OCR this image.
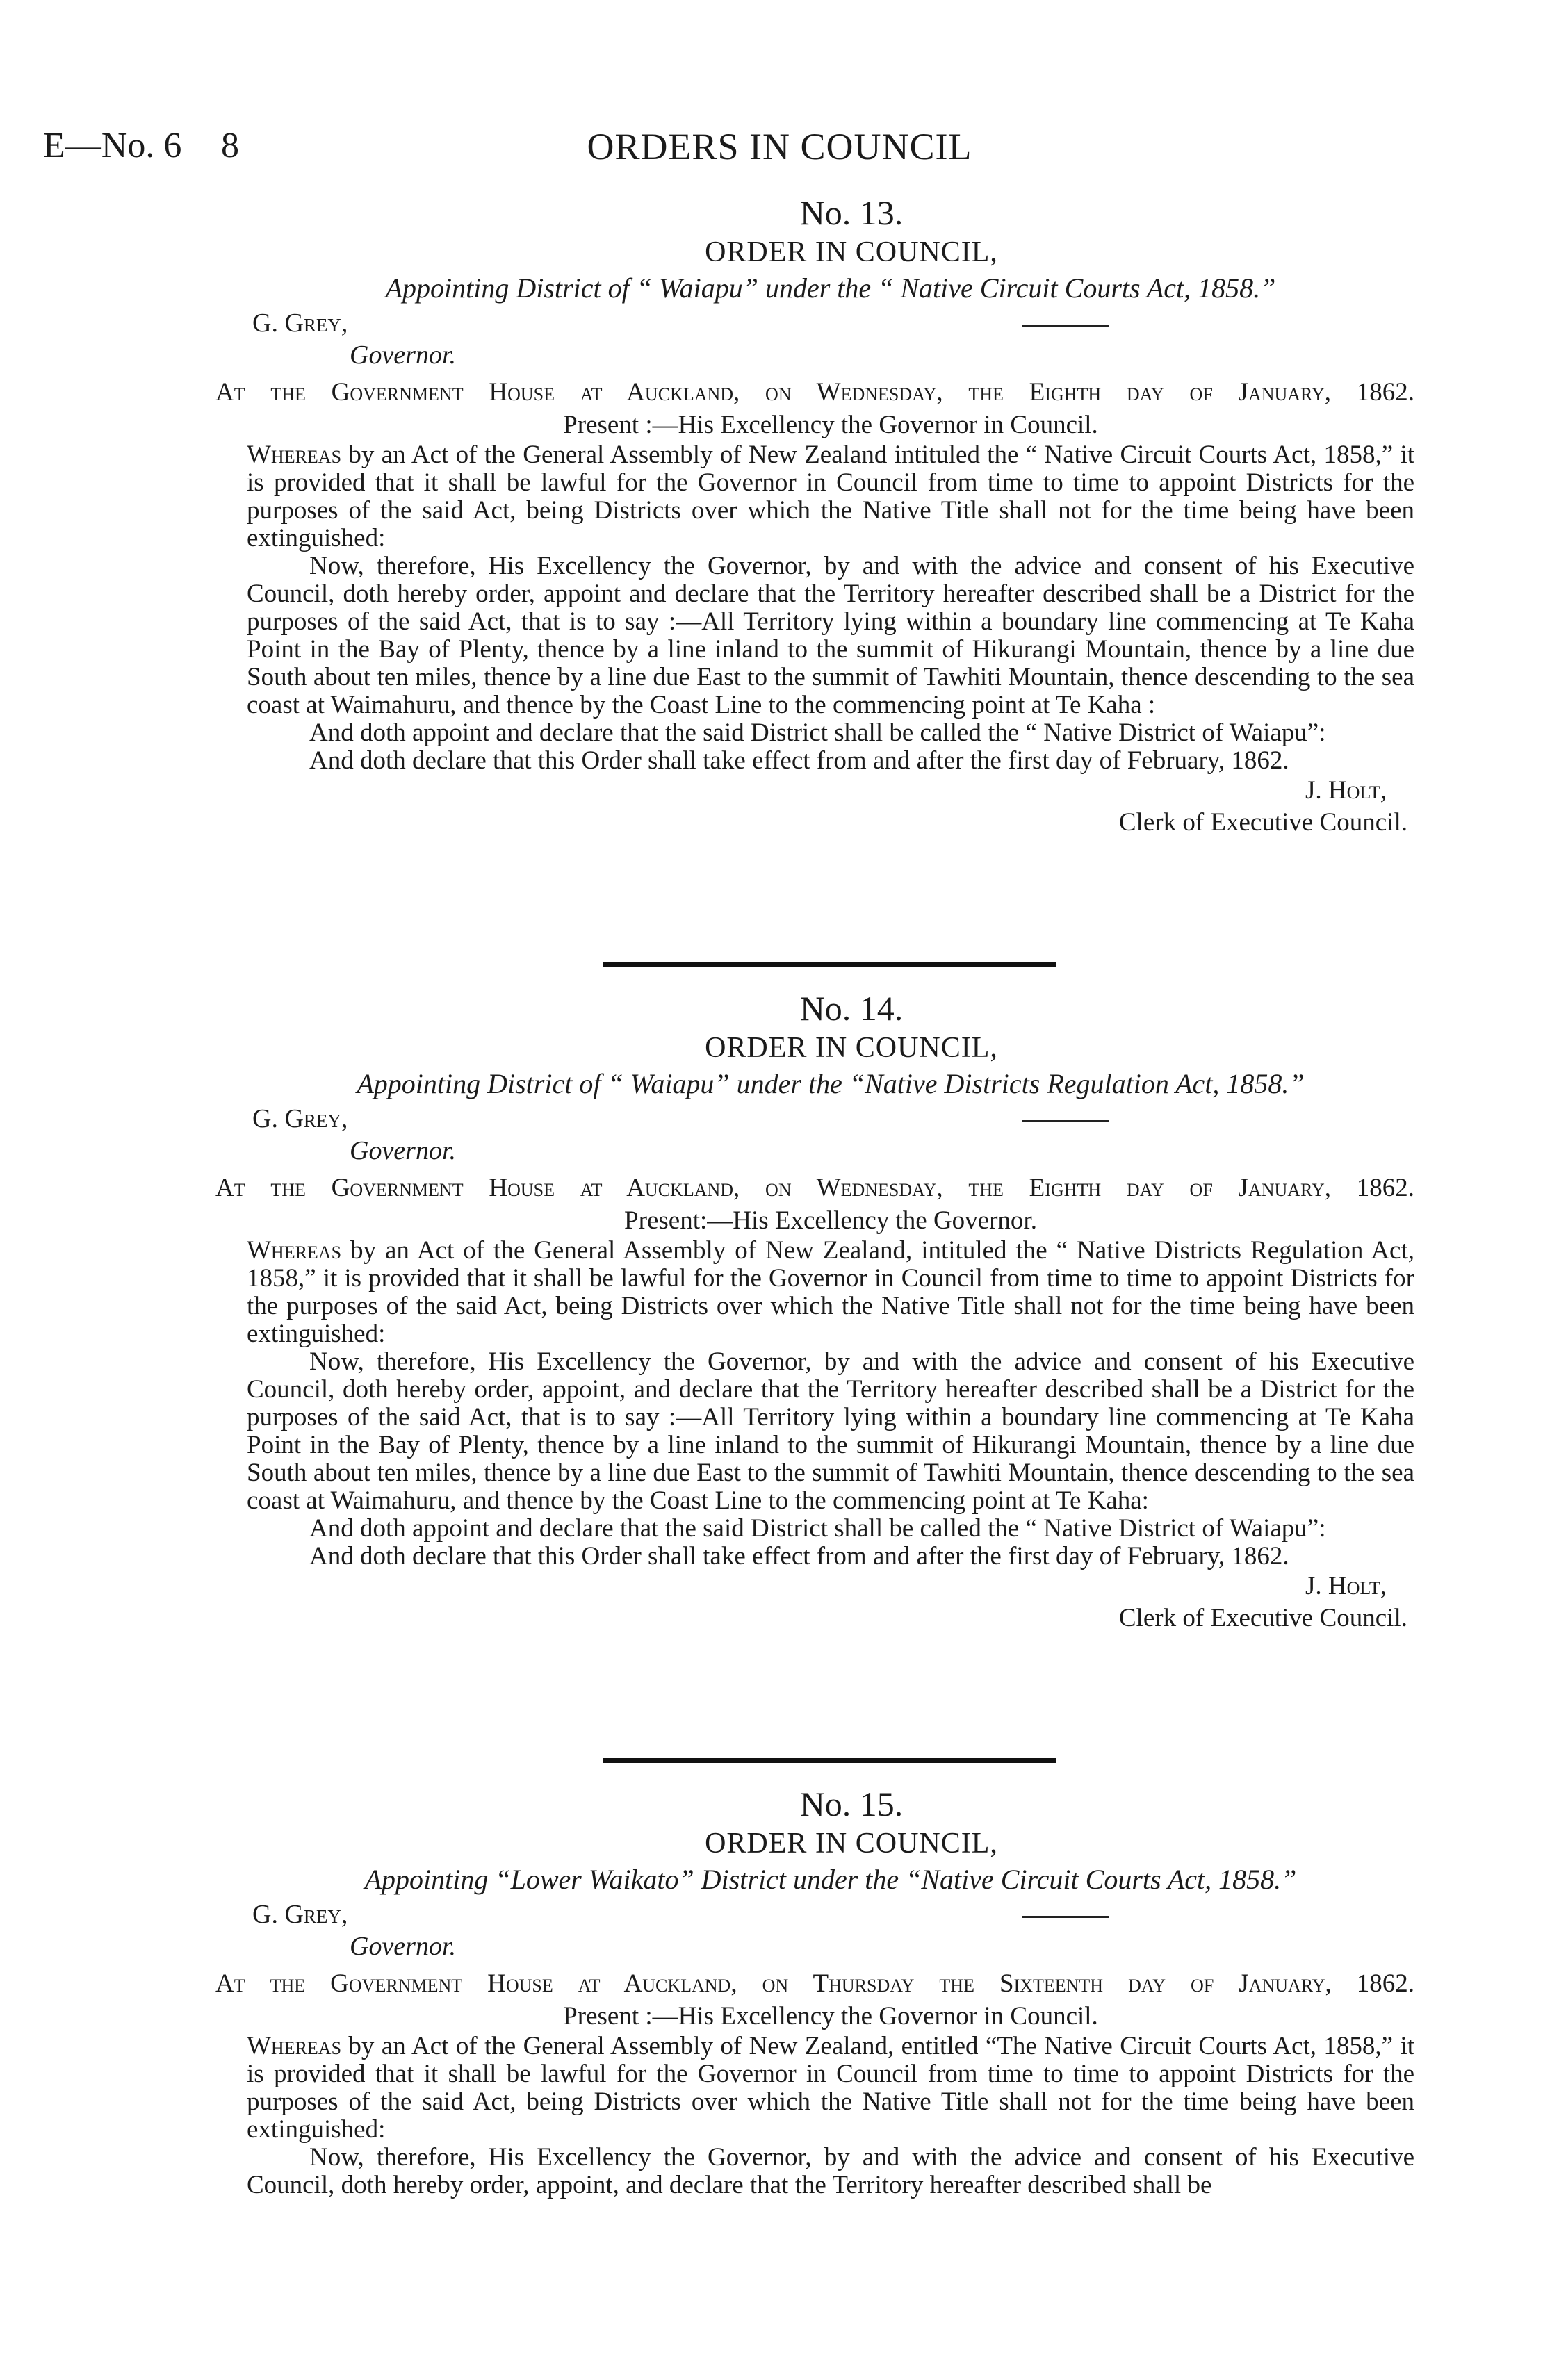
E—No. 6 8	ORDERS IN COUNCIL
No. 13.
ORDER IN COUNCIL,
Appointing District of “ Waiapu” under the “ Native Circuit Courts Act, 1858.”
G. Grey,
Governor.
At the Government House at Auckland, on Wednesday, the Eighth day of January, 1862.
Present :—His Excellency the Governor in Council.

Whereas by an Act of the General Assembly of New Zealand intituled the “ Native Circuit Courts Act, 1858,” it is provided that it shall be lawful for the Governor in Council from time to time to appoint Districts for the purposes of the said Act, being Districts over which the Native Title shall not for the time being have been extinguished:

Now, therefore, His Excellency the Governor, by and with the advice and consent of his Executive Council, doth hereby order, appoint and declare that the Territory hereafter described shall be a District for the purposes of the said Act, that is to say :—All Territory lying within a boundary line commencing at Te Kaha Point in the Bay of Plenty, thence by a line inland to the summit of Hikurangi Mountain, thence by a line due South about ten miles, thence by a line due East to the summit of Tawhiti Mountain, thence descending to the sea coast at Waimahuru, and thence by the Coast Line to the commencing point at Te Kaha :

And doth appoint and declare that the said District shall be called the “ Native District of Waiapu”:

And doth declare that this Order shall take effect from and after the first day of February, 1862.

J. Holt,
Clerk of Executive Council.
No. 14.
ORDER IN COUNCIL,
Appointing District of “ Waiapu” under the “Native Districts Regulation Act, 1858.”
G. Grey,
Governor.
At the Government House at Auckland, on Wednesday, the Eighth day of January, 1862.
Present:—His Excellency the Governor.

Whereas by an Act of the General Assembly of New Zealand, intituled the “ Native Districts Regulation Act, 1858,” it is provided that it shall be lawful for the Governor in Council from time to time to appoint Districts for the purposes of the said Act, being Districts over which the Native Title shall not for the time being have been extinguished:

Now, therefore, His Excellency the Governor, by and with the advice and consent of his Executive Council, doth hereby order, appoint, and declare that the Territory hereafter described shall be a District for the purposes of the said Act, that is to say :—All Territory lying within a boundary line commencing at Te Kaha Point in the Bay of Plenty, thence by a line inland to the summit of Hikurangi Mountain, thence by a line due South about ten miles, thence by a line due East to the summit of Tawhiti Mountain, thence descending to the sea coast at Waimahuru, and thence by the Coast Line to the commencing point at Te Kaha:

And doth appoint and declare that the said District shall be called the “ Native District of Waiapu”:

And doth declare that this Order shall take effect from and after the first day of February, 1862.

J. Holt,
Clerk of Executive Council.
No. 15.
ORDER IN COUNCIL,
Appointing “Lower Waikato” District under the “Native Circuit Courts Act, 1858.”
G. Grey,
Governor.
At the Government House at Auckland, on Thursday the Sixteenth day of January, 1862.
Present :—His Excellency the Governor in Council.

Whereas by an Act of the General Assembly of New Zealand, entitled “The Native Circuit Courts Act, 1858,” it is provided that it shall be lawful for the Governor in Council from time to time to appoint Districts for the purposes of the said Act, being Districts over which the Native Title shall not for the time being have been extinguished:

Now, therefore, His Excellency the Governor, by and with the advice and consent of his Executive Council, doth hereby order, appoint, and declare that the Territory hereafter described shall be
